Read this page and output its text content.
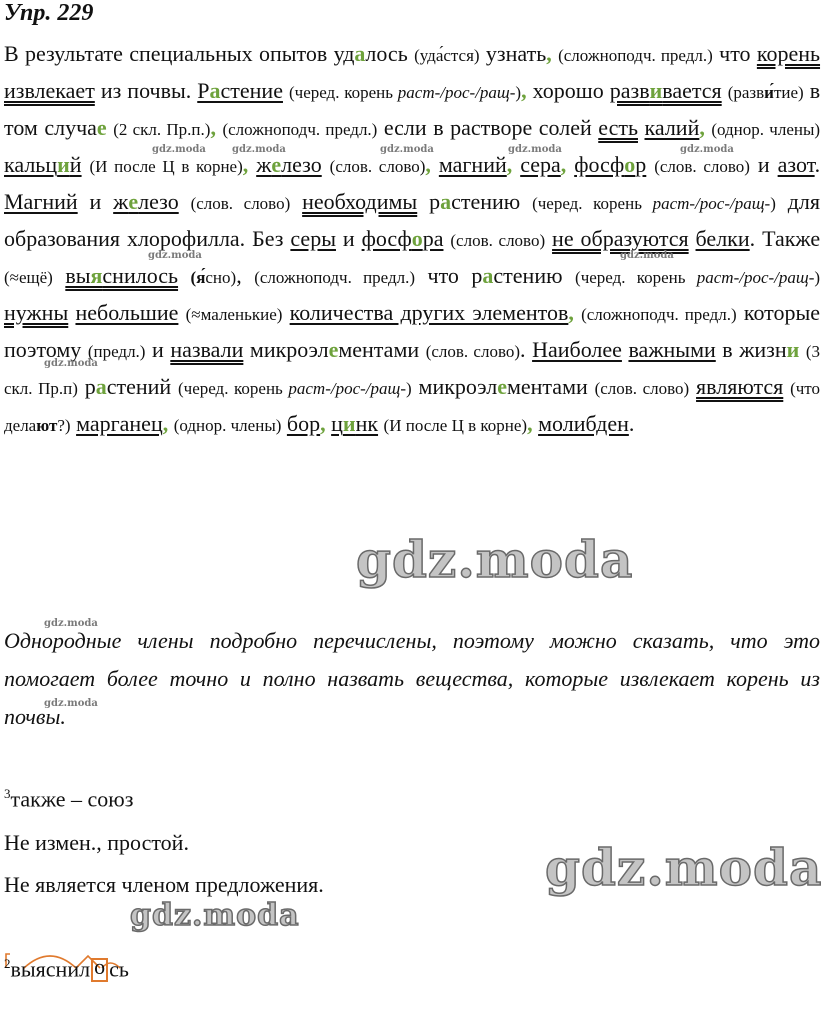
Упр. 229
В результате специальных опытов удалось (уда́стся) узнать, (сложноподч. предл.) что корень извлекает из почвы. Растение (черед. корень раст-/рос-/ращ-), хорошо развивается (разви́тие) в том случае (2 скл. Пр.п.), (сложноподч. предл.) если в растворе солей есть калий, (однор. члены) кальций (И после Ц в корне), железо (слов. слово), магний, сера, фосфор (слов. слово) и азот. Магний и железо (слов. слово) необходимы растению (черед. корень раст-/рос-/ращ-) для образования хлорофилла. Без серы и фосфора (слов. слово) не образуются белки. Также (≈ещё) выяснилось (я́сно), (сложноподч. предл.) что растению (черед. корень раст-/рос-/ращ-) нужны небольшие (≈маленькие) количества других элементов, (сложноподч. предл.) которые поэтому (предл.) и назвали микроэлементами (слов. слово). Наиболее важными в жизни (3 скл. Пр.п) растений (черед. корень раст-/рос-/ращ-) микроэлементами (слов. слово) являются (что делaют?) марганец, (однор. члены) бор, цинк (И после Ц в корне), молибден.
gdz.moda	gdz.moda	gdz.moda	gdz.moda	gdz.moda
gdz.moda	gdz.moda
gdz.moda
gdz.moda
gdz.moda
gdz.moda
gdz.moda
gdz.moda
Однородные члены подробно перечислены, поэтому можно сказать, что это помогает более точно и полно назвать вещества, которые извлекает корень из почвы.
$^3$также – союз
Не измен., простой.
Не является членом предложения.
$^2$выяснил о сь
